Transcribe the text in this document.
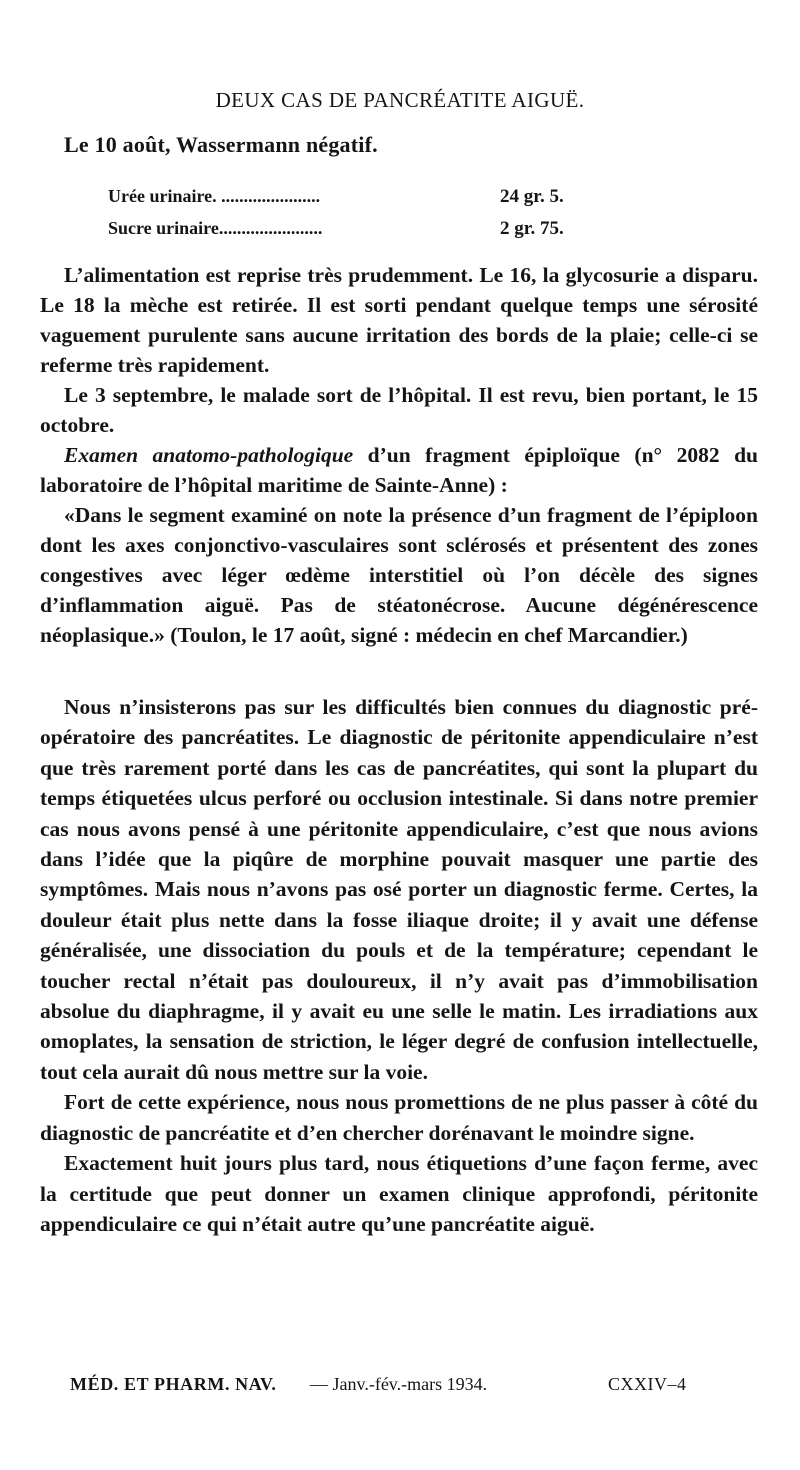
DEUX CAS DE PANCRÉATITE AIGUË.
Le 10 août, Wassermann négatif.
Urée urinaire. ......................	24 gr. 5.
Sucre urinaire.......................	2 gr. 75.

L’alimentation est reprise très prudemment. Le 16, la glycosurie a disparu. Le 18 la mèche est retirée. Il est sorti pendant quelque temps une sérosité vaguement purulente sans aucune irritation des bords de la plaie; celle-ci se referme très rapidement.

Le 3 septembre, le malade sort de l’hôpital. Il est revu, bien portant, le 15 octobre.

Examen anatomo-pathologique d’un fragment épiploïque (n° 2082 du laboratoire de l’hôpital maritime de Sainte-Anne) :

«Dans le segment examiné on note la présence d’un fragment de l’épiploon dont les axes conjonctivo-vasculaires sont sclérosés et présentent des zones congestives avec léger œdème interstitiel où l’on décèle des signes d’inflammation aiguë. Pas de stéatonécrose. Aucune dégénérescence néoplasique.» (Toulon, le 17 août, signé : médecin en chef Marcandier.)

Nous n’insisterons pas sur les difficultés bien connues du diagnostic pré-opératoire des pancréatites. Le diagnostic de péritonite appendiculaire n’est que très rarement porté dans les cas de pancréatites, qui sont la plupart du temps étiquetées ulcus perforé ou occlusion intestinale. Si dans notre premier cas nous avons pensé à une péritonite appendiculaire, c’est que nous avions dans l’idée que la piqûre de morphine pouvait masquer une partie des symptômes. Mais nous n’avons pas osé porter un diagnostic ferme. Certes, la douleur était plus nette dans la fosse iliaque droite; il y avait une défense généralisée, une dissociation du pouls et de la température; cependant le toucher rectal n’était pas douloureux, il n’y avait pas d’immobilisation absolue du diaphragme, il y avait eu une selle le matin. Les irradiations aux omoplates, la sensation de striction, le léger degré de confusion intellectuelle, tout cela aurait dû nous mettre sur la voie.

Fort de cette expérience, nous nous promettions de ne plus passer à côté du diagnostic de pancréatite et d’en chercher dorénavant le moindre signe.

Exactement huit jours plus tard, nous étiquetions d’une façon ferme, avec la certitude que peut donner un examen clinique approfondi, péritonite appendiculaire ce qui n’était autre qu’une pancréatite aiguë.

MÉD. ET PHARM. NAV. — Janv.-fév.-mars 1934.	CXXIV–4
